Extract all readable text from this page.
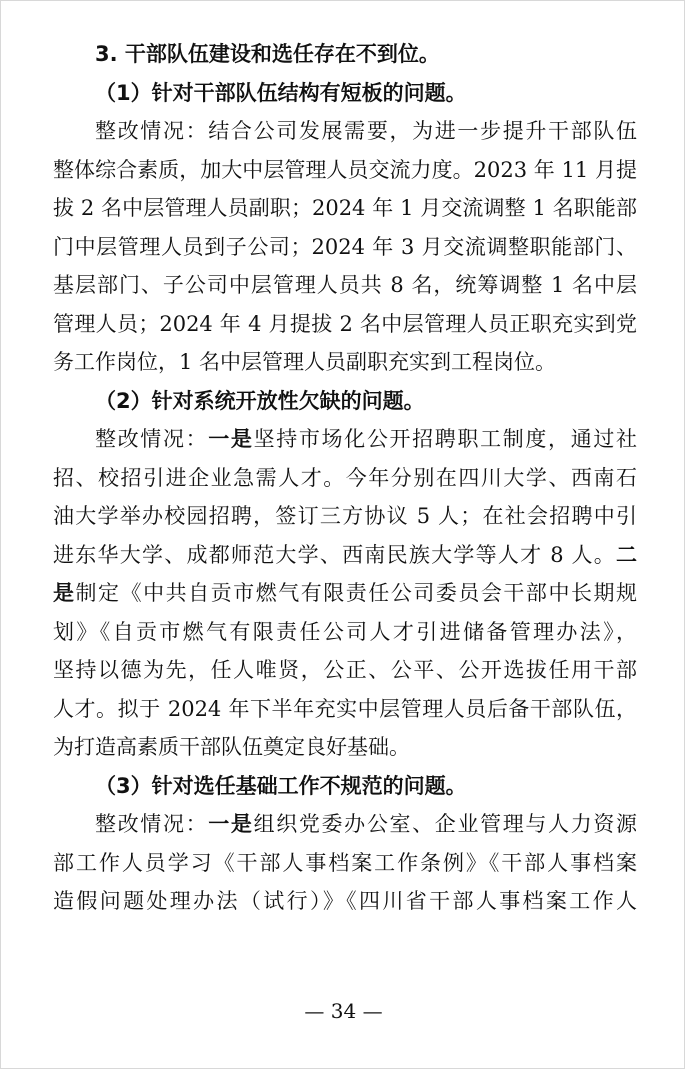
3. 干部队伍建设和选任存在不到位。
（1）针对干部队伍结构有短板的问题。
整改情况：结合公司发展需要，为进一步提升干部队伍
整体综合素质，加大中层管理人员交流力度。2023 年 11 月提
拔 2 名中层管理人员副职；2024 年 1 月交流调整 1 名职能部
门中层管理人员到子公司；2024 年 3 月交流调整职能部门、
基层部门、子公司中层管理人员共 8 名，统筹调整 1 名中层
管理人员；2024 年 4 月提拔 2 名中层管理人员正职充实到党
务工作岗位，1 名中层管理人员副职充实到工程岗位。
（2）针对系统开放性欠缺的问题。
整改情况：一是坚持市场化公开招聘职工制度，通过社
招、校招引进企业急需人才。今年分别在四川大学、西南石
油大学举办校园招聘，签订三方协议 5 人；在社会招聘中引
进东华大学、成都师范大学、西南民族大学等人才 8 人。二
是制定《中共自贡市燃气有限责任公司委员会干部中长期规
划》《自贡市燃气有限责任公司人才引进储备管理办法》，
坚持以德为先，任人唯贤，公正、公平、公开选拔任用干部
人才。拟于 2024 年下半年充实中层管理人员后备干部队伍，
为打造高素质干部队伍奠定良好基础。
（3）针对选任基础工作不规范的问题。
整改情况：一是组织党委办公室、企业管理与人力资源
部工作人员学习《干部人事档案工作条例》《干部人事档案
造假问题处理办法（试行）》《四川省干部人事档案工作人
— 34 —
